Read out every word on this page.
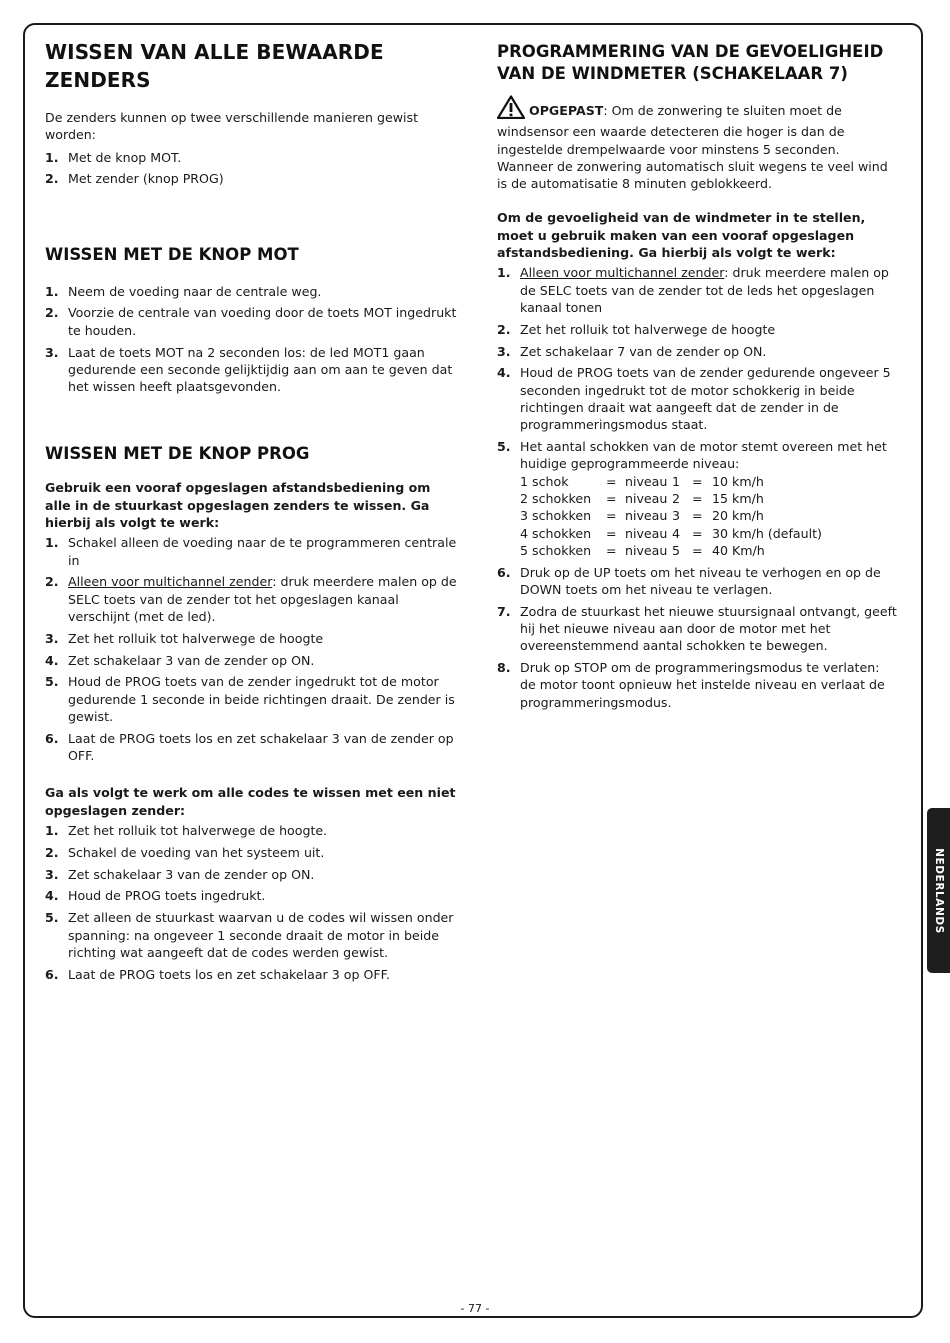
WISSEN VAN ALLE BEWAARDE ZENDERS

De zenders kunnen op twee verschillende manieren gewist worden:

1. Met de knop MOT.
2. Met zender (knop PROG)
WISSEN MET DE KNOP MOT
1. Neem de voeding naar de centrale weg.
2. Voorzie de centrale van voeding door de toets MOT ingedrukt te houden.
3. Laat de toets MOT na 2 seconden los: de led MOT1 gaan gedurende een seconde gelijktijdig aan om aan te geven dat het wissen heeft plaatsgevonden.
WISSEN MET DE KNOP PROG

Gebruik een vooraf opgeslagen afstandsbediening om alle in de stuurkast opgeslagen zenders te wissen. Ga hierbij als volgt te werk:

1. Schakel alleen de voeding naar de te programmeren centrale in
2. Alleen voor multichannel zender: druk meerdere malen op de SELC toets van de zender tot het opgeslagen kanaal verschijnt (met de led).
3. Zet het rolluik tot halverwege de hoogte
4. Zet schakelaar 3 van de zender op ON.
5. Houd de PROG toets van de zender ingedrukt tot de motor gedurende 1 seconde in beide richtingen draait. De zender is gewist.
6. Laat de PROG toets los en zet schakelaar 3 van de zender op OFF.

Ga als volgt te werk om alle codes te wissen met een niet opgeslagen zender:

1. Zet het rolluik tot halverwege de hoogte.
2. Schakel de voeding van het systeem uit.
3. Zet schakelaar 3 van de zender op ON.
4. Houd de PROG toets ingedrukt.
5. Zet alleen de stuurkast waarvan u de codes wil wissen onder spanning: na ongeveer 1 seconde draait de motor in beide richting wat aangeeft dat de codes werden gewist.
6. Laat de PROG toets los en zet schakelaar 3 op OFF.
PROGRAMMERING VAN DE GEVOELIGHEID VAN DE WINDMETER (SCHAKELAAR 7)

OPGEPAST: Om de zonwering te sluiten moet de windsensor een waarde detecteren die hoger is dan de ingestelde drempelwaarde voor minstens 5 seconden. Wanneer de zonwering automatisch sluit wegens te veel wind is de automatisatie 8 minuten geblokkeerd.

Om de gevoeligheid van de windmeter in te stellen, moet u gebruik maken van een vooraf opgeslagen afstandsbediening. Ga hierbij als volgt te werk:

1. Alleen voor multichannel zender: druk meerdere malen op de SELC toets van de zender tot de leds het opgeslagen kanaal tonen
2. Zet het rolluik tot halverwege de hoogte
3. Zet schakelaar 7 van de zender op ON.
4. Houd de PROG toets van de zender gedurende ongeveer 5 seconden ingedrukt tot de motor schokkerig in beide richtingen draait wat aangeeft dat de zender in de programmeringsmodus staat.
5. Het aantal schokken van de motor stemt overeen met het huidige geprogrammeerde niveau:
1 schok	= niveau 1 = 10 km/h
2 schokken	= niveau 2 = 15 km/h
3 schokken	= niveau 3 = 20 km/h
4 schokken	= niveau 4 = 30 km/h (default)
5 schokken	= niveau 5 = 40 Km/h
6. Druk op de UP toets om het niveau te verhogen en op de DOWN toets om het niveau te verlagen.
7. Zodra de stuurkast het nieuwe stuursignaal ontvangt, geeft hij het nieuwe niveau aan door de motor met het overeenstemmend aantal schokken te bewegen.
8. Druk op STOP om de programmeringsmodus te verlaten: de motor toont opnieuw het instelde niveau en verlaat de programmeringsmodus.
NEDERLANDS
- 77 -
